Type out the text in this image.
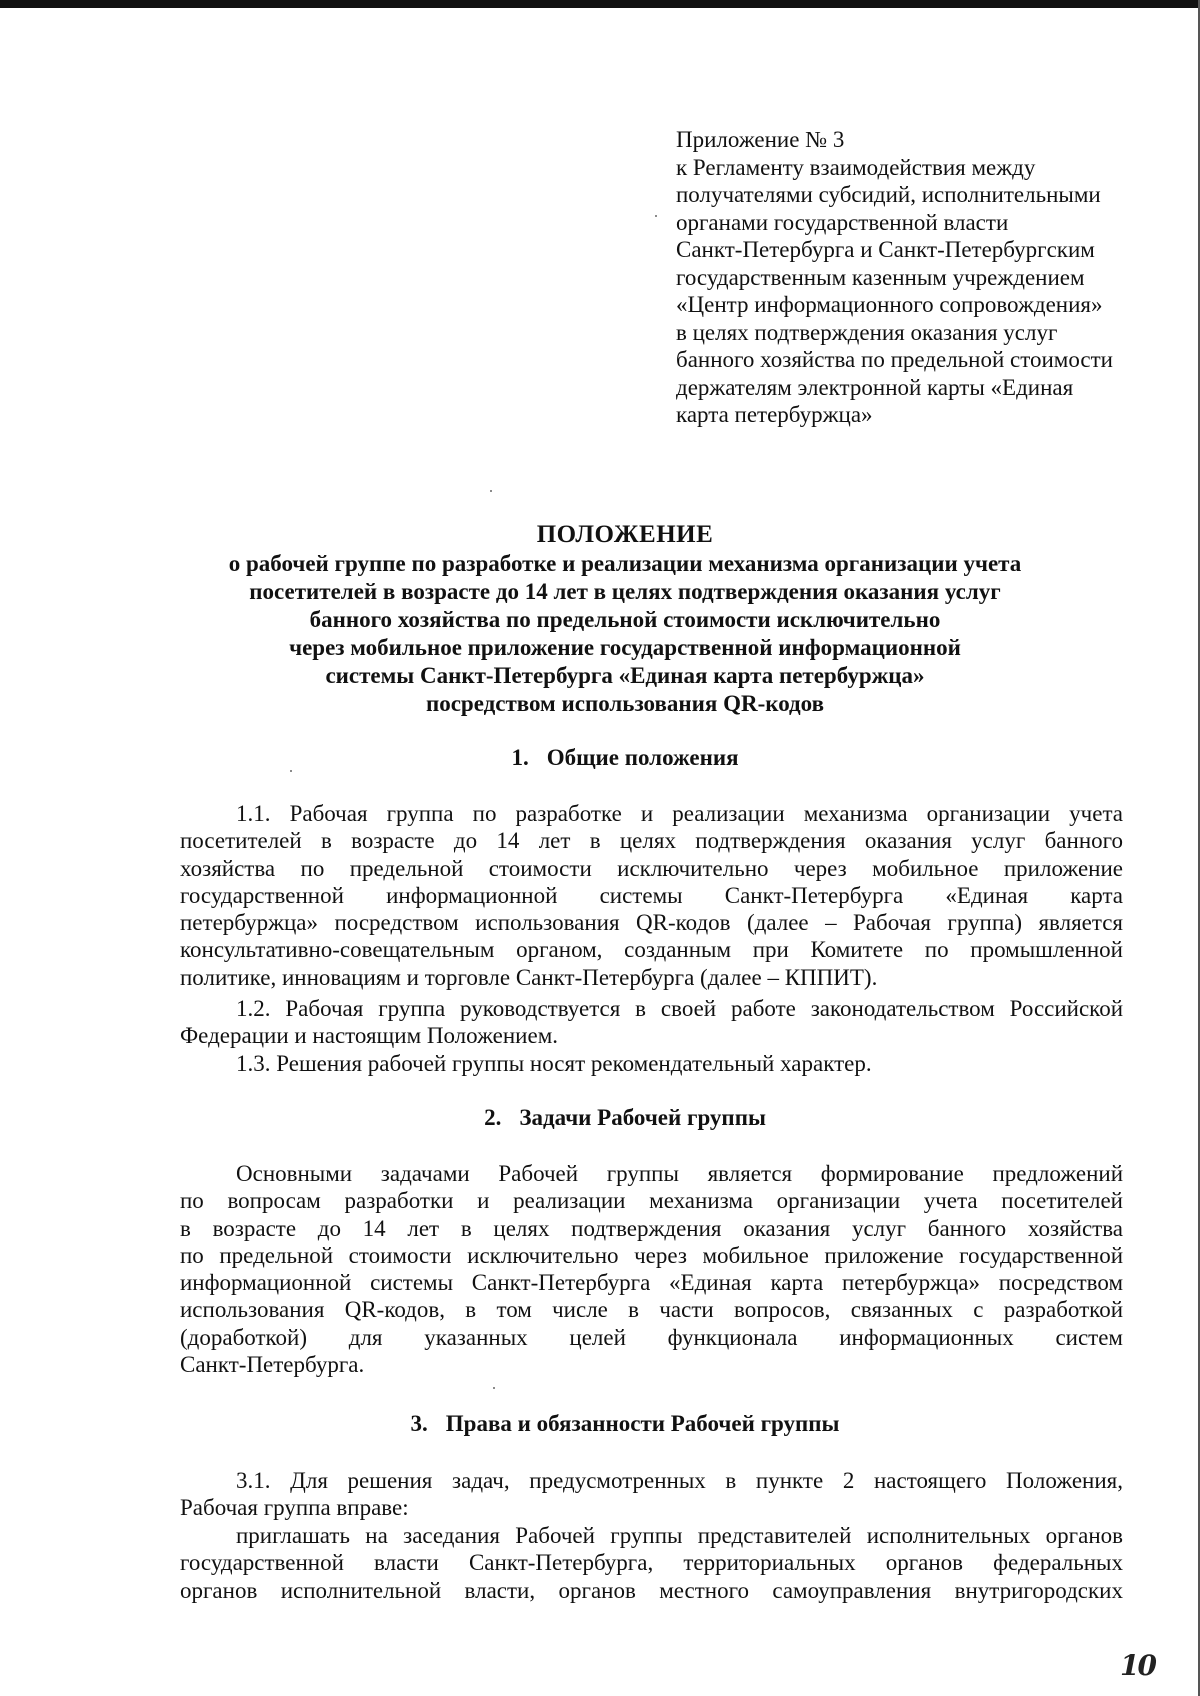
Приложение № 3
к Регламенту взаимодействия между
получателями субсидий, исполнительными
органами государственной власти
Санкт-Петербурга и Санкт-Петербургским
государственным казенным учреждением
«Центр информационного сопровождения»
в целях подтверждения оказания услуг
банного хозяйства по предельной стоимости
держателям электронной карты «Единая
карта петербуржца»
ПОЛОЖЕНИЕ
о рабочей группе по разработке и реализации механизма организации учета
посетителей в возрасте до 14 лет в целях подтверждения оказания услуг
банного хозяйства по предельной стоимости исключительно
через мобильное приложение государственной информационной
системы Санкт-Петербурга «Единая карта петербуржца»
посредством использования QR-кодов
1. Общие положения
1.1. Рабочая группа по разработке и реализации механизма организации учета
посетителей в возрасте до 14 лет в целях подтверждения оказания услуг банного
хозяйства по предельной стоимости исключительно через мобильное приложение
государственной информационной системы Санкт-Петербурга «Единая карта
петербуржца» посредством использования QR-кодов (далее – Рабочая группа) является
консультативно-совещательным органом, созданным при Комитете по промышленной
политике, инновациям и торговле Санкт-Петербурга (далее – КППИТ).
1.2. Рабочая группа руководствуется в своей работе законодательством Российской
Федерации и настоящим Положением.
1.3. Решения рабочей группы носят рекомендательный характер.
2. Задачи Рабочей группы
Основными задачами Рабочей группы является формирование предложений
по вопросам разработки и реализации механизма организации учета посетителей
в возрасте до 14 лет в целях подтверждения оказания услуг банного хозяйства
по предельной стоимости исключительно через мобильное приложение государственной
информационной системы Санкт-Петербурга «Единая карта петербуржца» посредством
использования QR-кодов, в том числе в части вопросов, связанных с разработкой
(доработкой) для указанных целей функционала информационных систем
Санкт-Петербурга.
3. Права и обязанности Рабочей группы
3.1. Для решения задач, предусмотренных в пункте 2 настоящего Положения,
Рабочая группа вправе:
приглашать на заседания Рабочей группы представителей исполнительных органов
государственной власти Санкт-Петербурга, территориальных органов федеральных
органов исполнительной власти, органов местного самоуправления внутригородских
10
